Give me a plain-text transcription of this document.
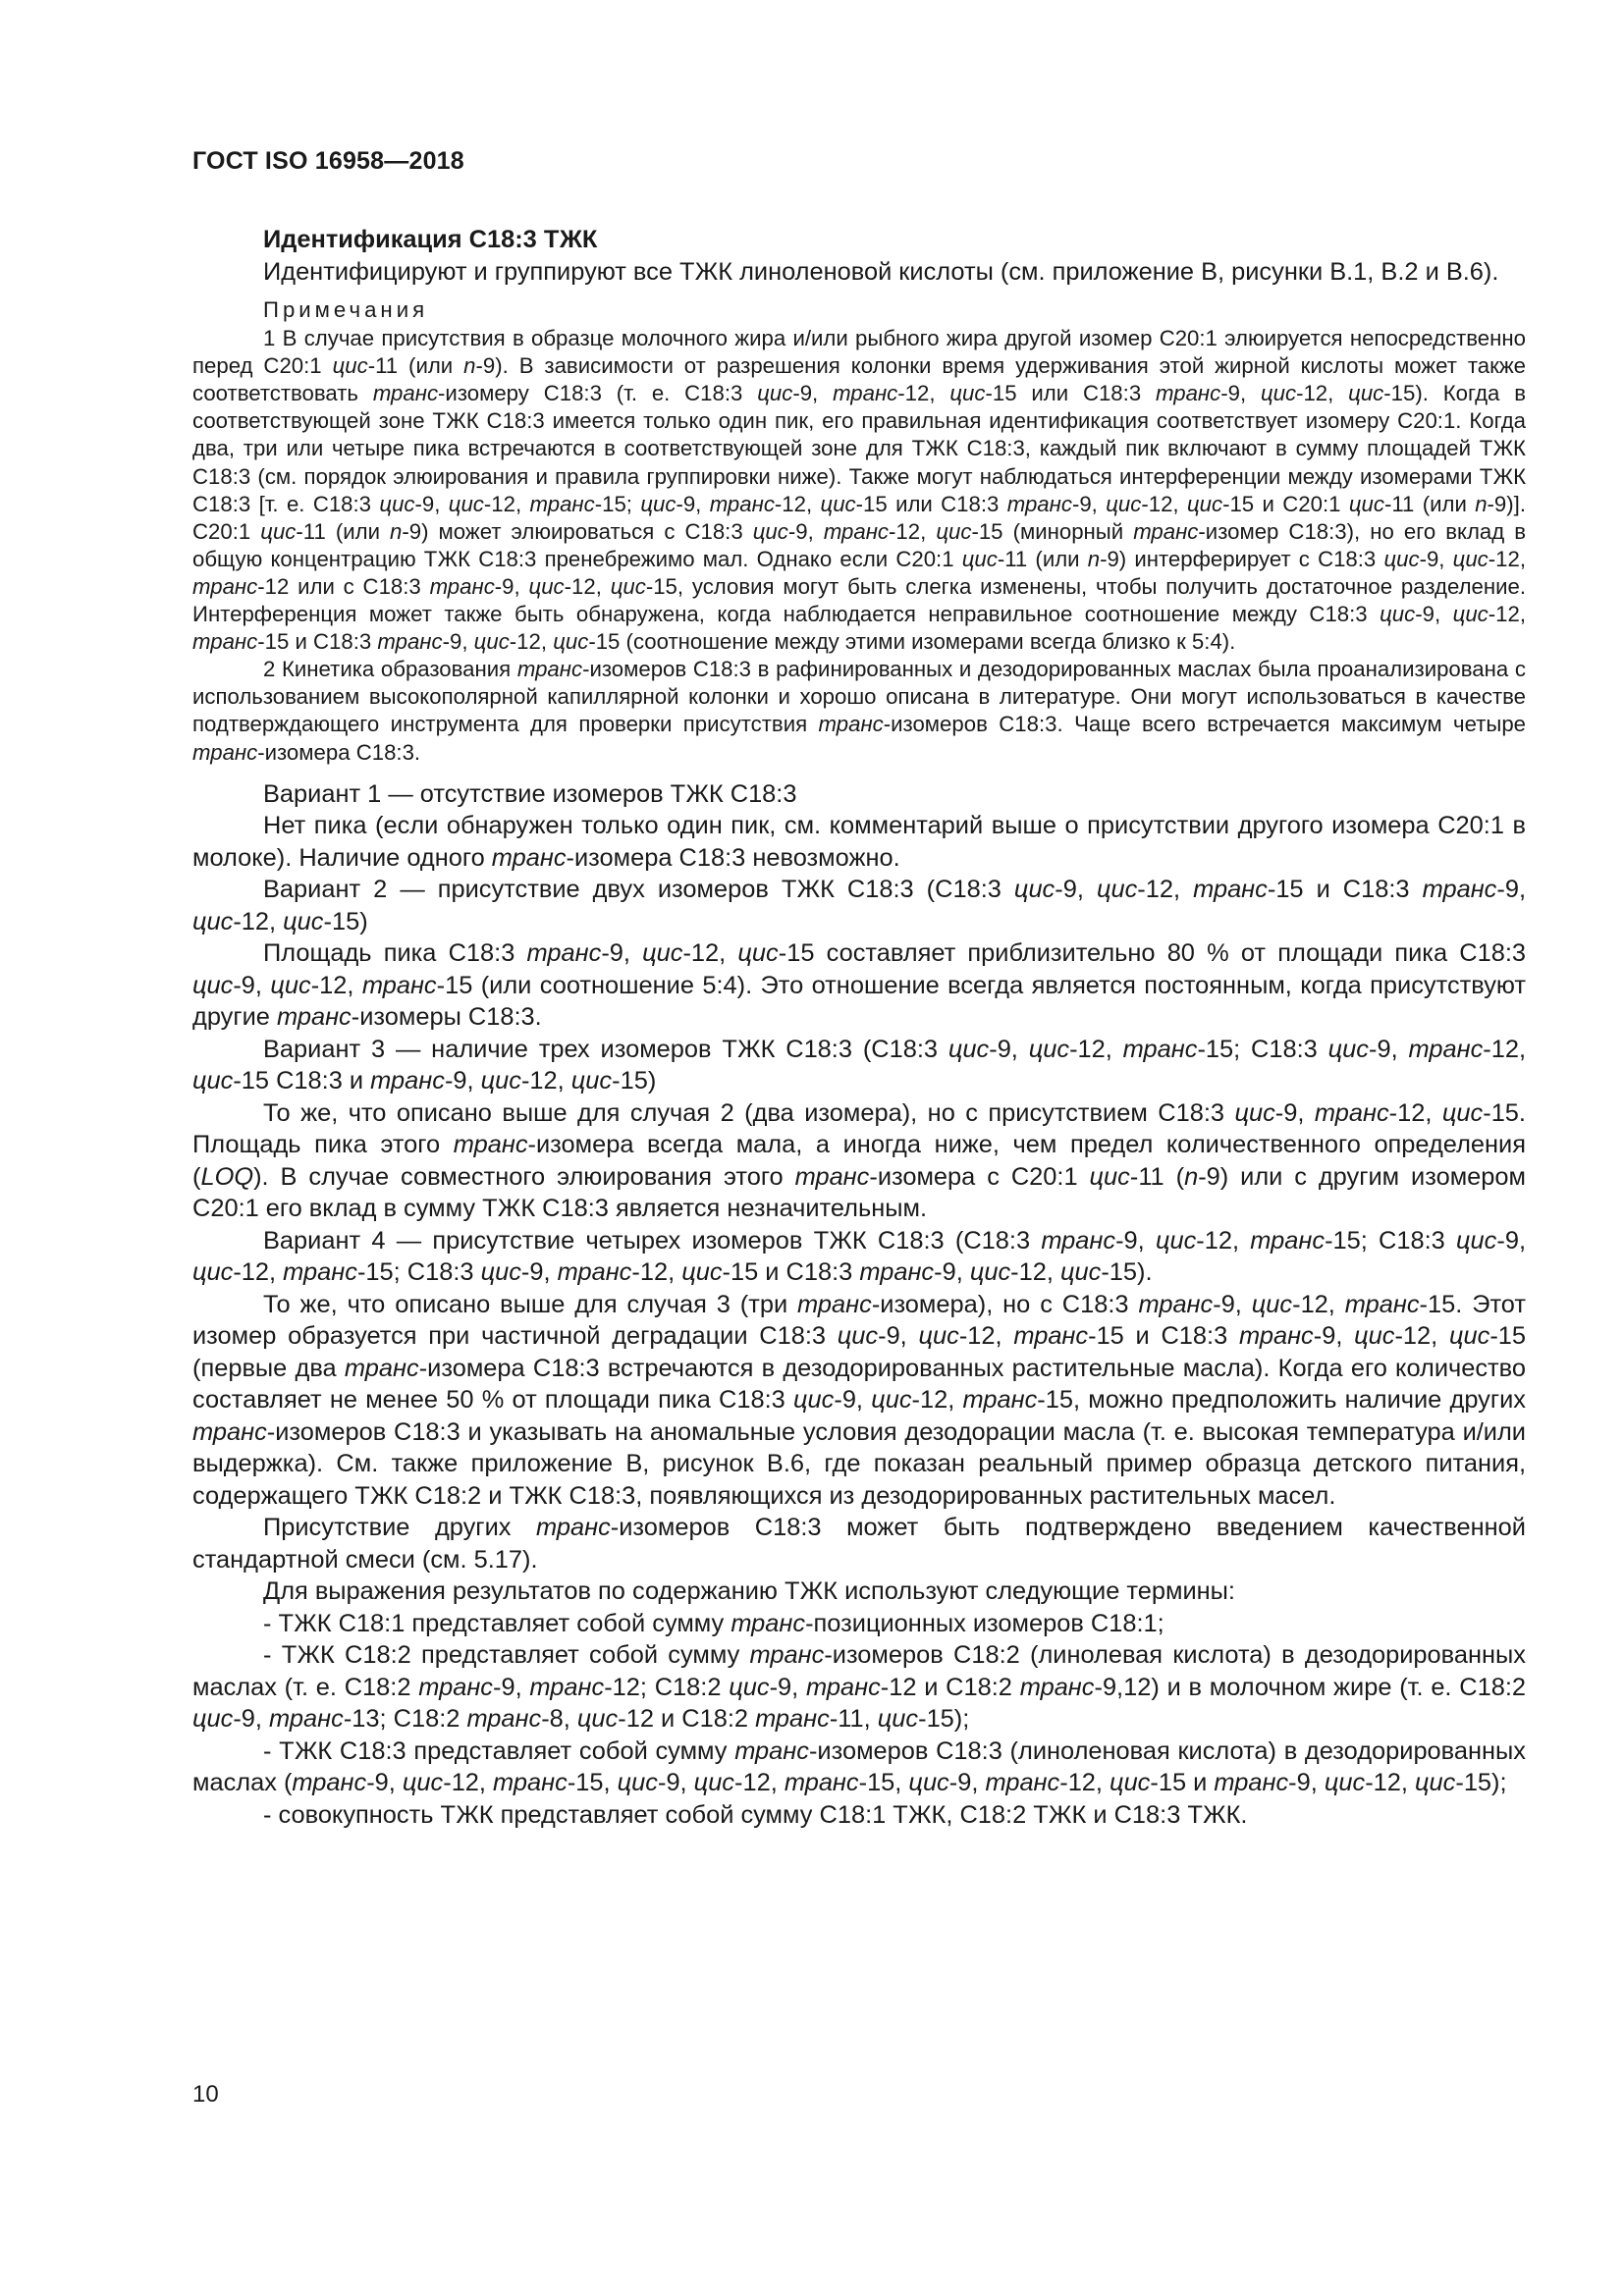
ГОСТ ISO 16958—2018

Идентификация С18:3 ТЖК

Идентифицируют и группируют все ТЖК линоленовой кислоты (см. приложение В, рисунки В.1, В.2 и В.6).

Примечания

1 В случае присутствия в образце молочного жира и/или рыбного жира другой изомер С20:1 элюируется непосредственно перед С20:1 цис-11 (или n-9). В зависимости от разрешения колонки время удерживания этой жирной кислоты может также соответствовать транс-изомеру С18:3 (т. е. С18:3 цис-9, транс-12, цис-15 или С18:3 транс-9, цис-12, цис-15). Когда в соответствующей зоне ТЖК С18:3 имеется только один пик, его правильная идентификация соответствует изомеру С20:1. Когда два, три или четыре пика встречаются в соответствующей зоне для ТЖК С18:3, каждый пик включают в сумму площадей ТЖК С18:3 (см. порядок элюирования и правила группировки ниже). Также могут наблюдаться интерференции между изомерами ТЖК С18:3 [т. е. С18:3 цис-9, цис-12, транс-15; цис-9, транс-12, цис-15 или С18:3 транс-9, цис-12, цис-15 и С20:1 цис-11 (или n-9)]. С20:1 цис-11 (или n-9) может элюироваться с С18:3 цис-9, транс-12, цис-15 (минорный транс-изомер С18:3), но его вклад в общую концентрацию ТЖК С18:3 пренебрежимо мал. Однако если С20:1 цис-11 (или n-9) интерферирует с С18:3 цис-9, цис-12, транс-12 или с С18:3 транс-9, цис-12, цис-15, условия могут быть слегка изменены, чтобы получить достаточное разделение. Интерференция может также быть обнаружена, когда наблюдается неправильное соотношение между С18:3 цис-9, цис-12, транс-15 и С18:3 транс-9, цис-12, цис-15 (соотношение между этими изомерами всегда близко к 5:4).

2 Кинетика образования транс-изомеров С18:3 в рафинированных и дезодорированных маслах была проанализирована с использованием высокополярной капиллярной колонки и хорошо описана в литературе. Они могут использоваться в качестве подтверждающего инструмента для проверки присутствия транс-изомеров С18:3. Чаще всего встречается максимум четыре транс-изомера С18:3.

Вариант 1 — отсутствие изомеров ТЖК С18:3

Нет пика (если обнаружен только один пик, см. комментарий выше о присутствии другого изомера С20:1 в молоке). Наличие одного транс-изомера С18:3 невозможно.

Вариант 2 — присутствие двух изомеров ТЖК С18:3 (С18:3 цис-9, цис-12, транс-15 и С18:3 транс-9, цис-12, цис-15)

Площадь пика С18:3 транс-9, цис-12, цис-15 составляет приблизительно 80 % от площади пика С18:3 цис-9, цис-12, транс-15 (или соотношение 5:4). Это отношение всегда является постоянным, когда присутствуют другие транс-изомеры С18:3.

Вариант 3 — наличие трех изомеров ТЖК С18:3 (С18:3 цис-9, цис-12, транс-15; С18:3 цис-9, транс-12, цис-15 С18:3 и транс-9, цис-12, цис-15)

То же, что описано выше для случая 2 (два изомера), но с присутствием С18:3 цис-9, транс-12, цис-15. Площадь пика этого транс-изомера всегда мала, а иногда ниже, чем предел количественного определения (LOQ). В случае совместного элюирования этого транс-изомера с С20:1 цис-11 (n-9) или с другим изомером С20:1 его вклад в сумму ТЖК С18:3 является незначительным.

Вариант 4 — присутствие четырех изомеров ТЖК С18:3 (С18:3 транс-9, цис-12, транс-15; С18:3 цис-9, цис-12, транс-15; С18:3 цис-9, транс-12, цис-15 и С18:3 транс-9, цис-12, цис-15).

То же, что описано выше для случая 3 (три транс-изомера), но с С18:3 транс-9, цис-12, транс-15. Этот изомер образуется при частичной деградации С18:3 цис-9, цис-12, транс-15 и С18:3 транс-9, цис-12, цис-15 (первые два транс-изомера С18:3 встречаются в дезодорированных растительные масла). Когда его количество составляет не менее 50 % от площади пика С18:3 цис-9, цис-12, транс-15, можно предположить наличие других транс-изомеров С18:3 и указывать на аномальные условия дезодорации масла (т. е. высокая температура и/или выдержка). См. также приложение В, рисунок В.6, где показан реальный пример образца детского питания, содержащего ТЖК С18:2 и ТЖК С18:3, появляющихся из дезодорированных растительных масел.

Присутствие других транс-изомеров С18:3 может быть подтверждено введением качественной стандартной смеси (см. 5.17).

Для выражения результатов по содержанию ТЖК используют следующие термины:

- ТЖК С18:1 представляет собой сумму транс-позиционных изомеров С18:1;

- ТЖК С18:2 представляет собой сумму транс-изомеров С18:2 (линолевая кислота) в дезодорированных маслах (т. е. С18:2 транс-9, транс-12; С18:2 цис-9, транс-12 и С18:2 транс-9,12) и в молочном жире (т. е. С18:2 цис-9, транс-13; С18:2 транс-8, цис-12 и С18:2 транс-11, цис-15);

- ТЖК С18:3 представляет собой сумму транс-изомеров С18:3 (линоленовая кислота) в дезодорированных маслах (транс-9, цис-12, транс-15, цис-9, цис-12, транс-15, цис-9, транс-12, цис-15 и транс-9, цис-12, цис-15);

- совокупность ТЖК представляет собой сумму С18:1 ТЖК, С18:2 ТЖК и С18:3 ТЖК.

10
